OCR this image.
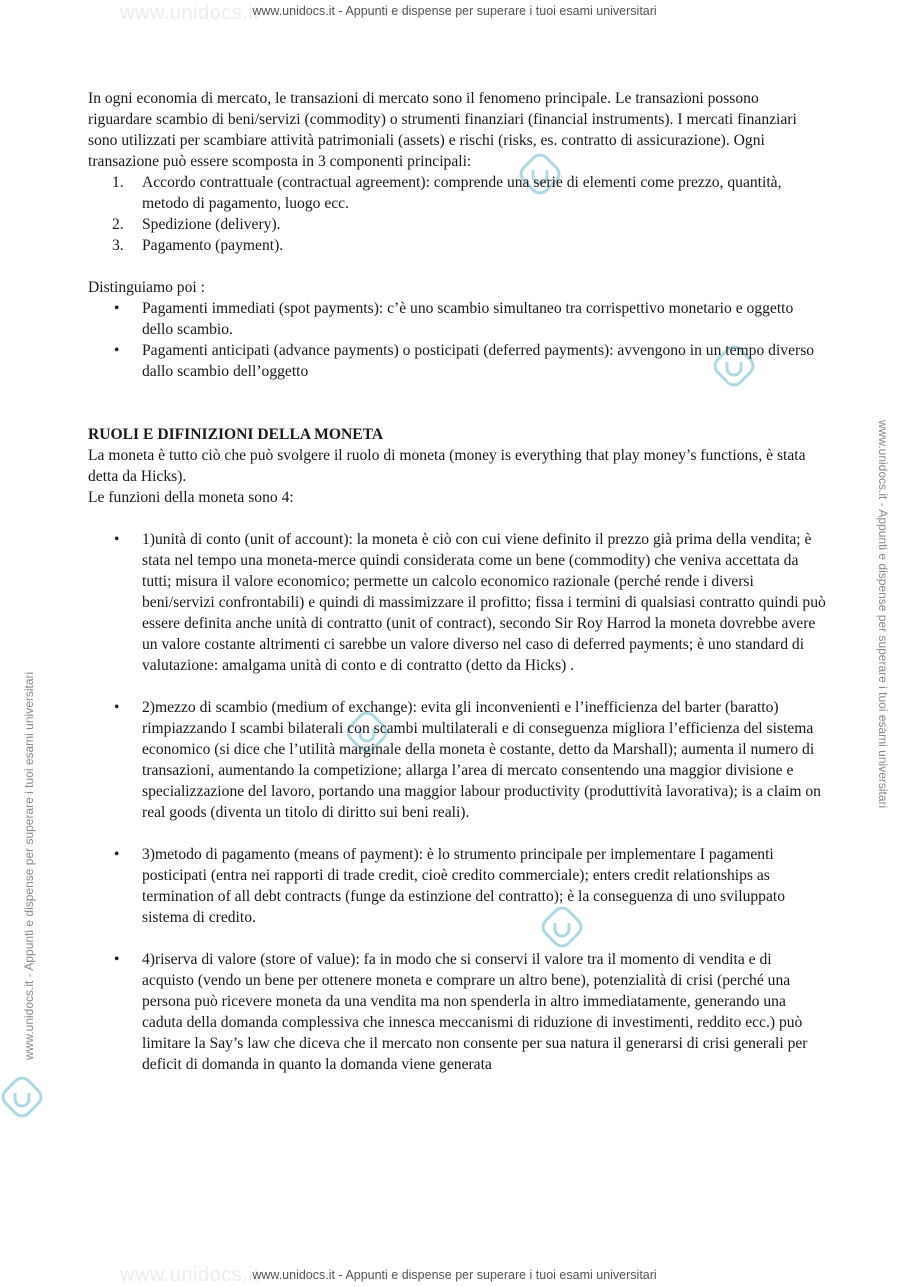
www.unidocs.it
www.unidocs.it
www.unidocs.it - Appunti e dispense per superare i tuoi esami universitari
www.unidocs.it - Appunti e dispense per superare i tuoi esami universitari
www.unidocs.it - Appunti e dispense per superare i tuoi esami universitari
www.unidocs.it - Appunti e dispense per superare i tuoi esami universitari

In ogni economia di mercato, le transazioni di mercato sono il fenomeno principale. Le transazioni possono riguardare scambio di beni/servizi (commodity) o strumenti finanziari (financial instruments). I mercati finanziari sono utilizzati per scambiare attività patrimoniali (assets) e rischi (risks, es. contratto di assicurazione). Ogni transazione può essere scomposta in 3 componenti principali:

1. Accordo contrattuale (contractual agreement): comprende una serie di elementi come prezzo, quantità, metodo di pagamento, luogo ecc.
2. Spedizione (delivery).
3. Pagamento (payment).

Distinguiamo poi :

• Pagamenti immediati (spot payments): c’è uno scambio simultaneo tra corrispettivo monetario e oggetto dello scambio.
• Pagamenti anticipati (advance payments) o posticipati (deferred payments): avvengono in un tempo diverso dallo scambio dell’oggetto

RUOLI E DIFINIZIONI DELLA MONETA

La moneta è tutto ciò che può svolgere il ruolo di moneta (money is everything that play money’s functions, è stata detta da Hicks).

Le funzioni della moneta sono 4:

• 1)unità di conto (unit of account): la moneta è ciò con cui viene definito il prezzo già prima della vendita; è stata nel tempo una moneta-merce quindi considerata come un bene (commodity) che veniva accettata da tutti; misura il valore economico; permette un calcolo economico razionale (perché rende i diversi beni/servizi confrontabili) e quindi di massimizzare il profitto; fissa i termini di qualsiasi contratto quindi può essere definita anche unità di contratto (unit of contract), secondo Sir Roy Harrod la moneta dovrebbe avere un valore costante altrimenti ci sarebbe un valore diverso nel caso di deferred payments; è uno standard di valutazione: amalgama unità di conto e di contratto (detto da Hicks) .
• 2)mezzo di scambio (medium of exchange): evita gli inconvenienti e l’inefficienza del barter (baratto) rimpiazzando I scambi bilaterali con scambi multilaterali e di conseguenza migliora l’efficienza del sistema economico (si dice che l’utilità marginale della moneta è costante, detto da Marshall); aumenta il numero di transazioni, aumentando la competizione; allarga l’area di mercato consentendo una maggior divisione e specializzazione del lavoro, portando una maggior labour productivity (produttività lavorativa); is a claim on real goods (diventa un titolo di diritto sui beni reali).
• 3)metodo di pagamento (means of payment): è lo strumento principale per implementare I pagamenti posticipati (entra nei rapporti di trade credit, cioè credito commerciale); enters credit relationships as termination of all debt contracts (funge da estinzione del contratto); è la conseguenza di uno sviluppato sistema di credito.
• 4)riserva di valore (store of value): fa in modo che si conservi il valore tra il momento di vendita e di acquisto (vendo un bene per ottenere moneta e comprare un altro bene), potenzialità di crisi (perché una persona può ricevere moneta da una vendita ma non spenderla in altro immediatamente, generando una caduta della domanda complessiva che innesca meccanismi di riduzione di investimenti, reddito ecc.) può limitare la Say’s law che diceva che il mercato non consente per sua natura il generarsi di crisi generali per deficit di domanda in quanto la domanda viene generata
